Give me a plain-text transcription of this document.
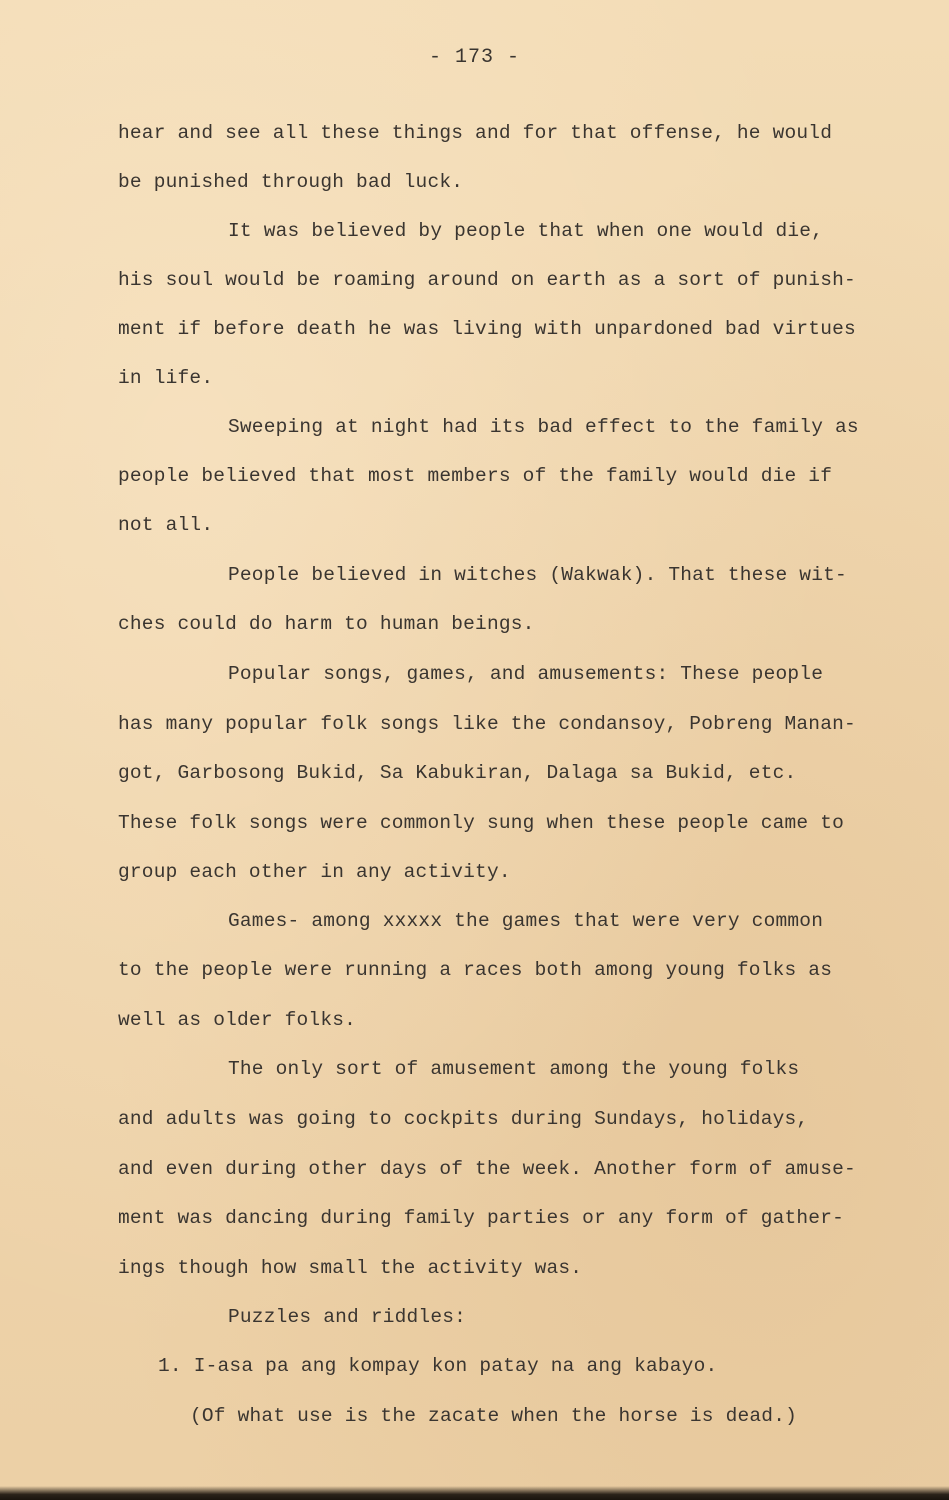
- 173 -
hear and see all these things and for that offense, he would
be punished through bad luck.
It was believed by people that when one would die,
his soul would be roaming around on earth as a sort of punish-
ment if before death he was living with unpardoned bad virtues
in life.
Sweeping at night had its bad effect to the family as
people believed that most members of the family would die if
not all.
People believed in witches (Wakwak). That these wit-
ches could do harm to human beings.
Popular songs, games, and amusements: These people
has many popular folk songs like the condansoy, Pobreng Manan-
got, Garbosong Bukid, Sa Kabukiran, Dalaga sa Bukid, etc.
These folk songs were commonly sung when these people came to
group each other in any activity.
Games- among xxxxx the games that were very common
to the people were running a races both among young folks as
well as older folks.
The only sort of amusement among the young folks
and adults was going to cockpits during Sundays, holidays,
and even during other days of the week. Another form of amuse-
ment was dancing during family parties or any form of gather-
ings though how small the activity was.
Puzzles and riddles:
1. I-asa pa ang kompay kon patay na ang kabayo.
(Of what use is the zacate when the horse is dead.)
